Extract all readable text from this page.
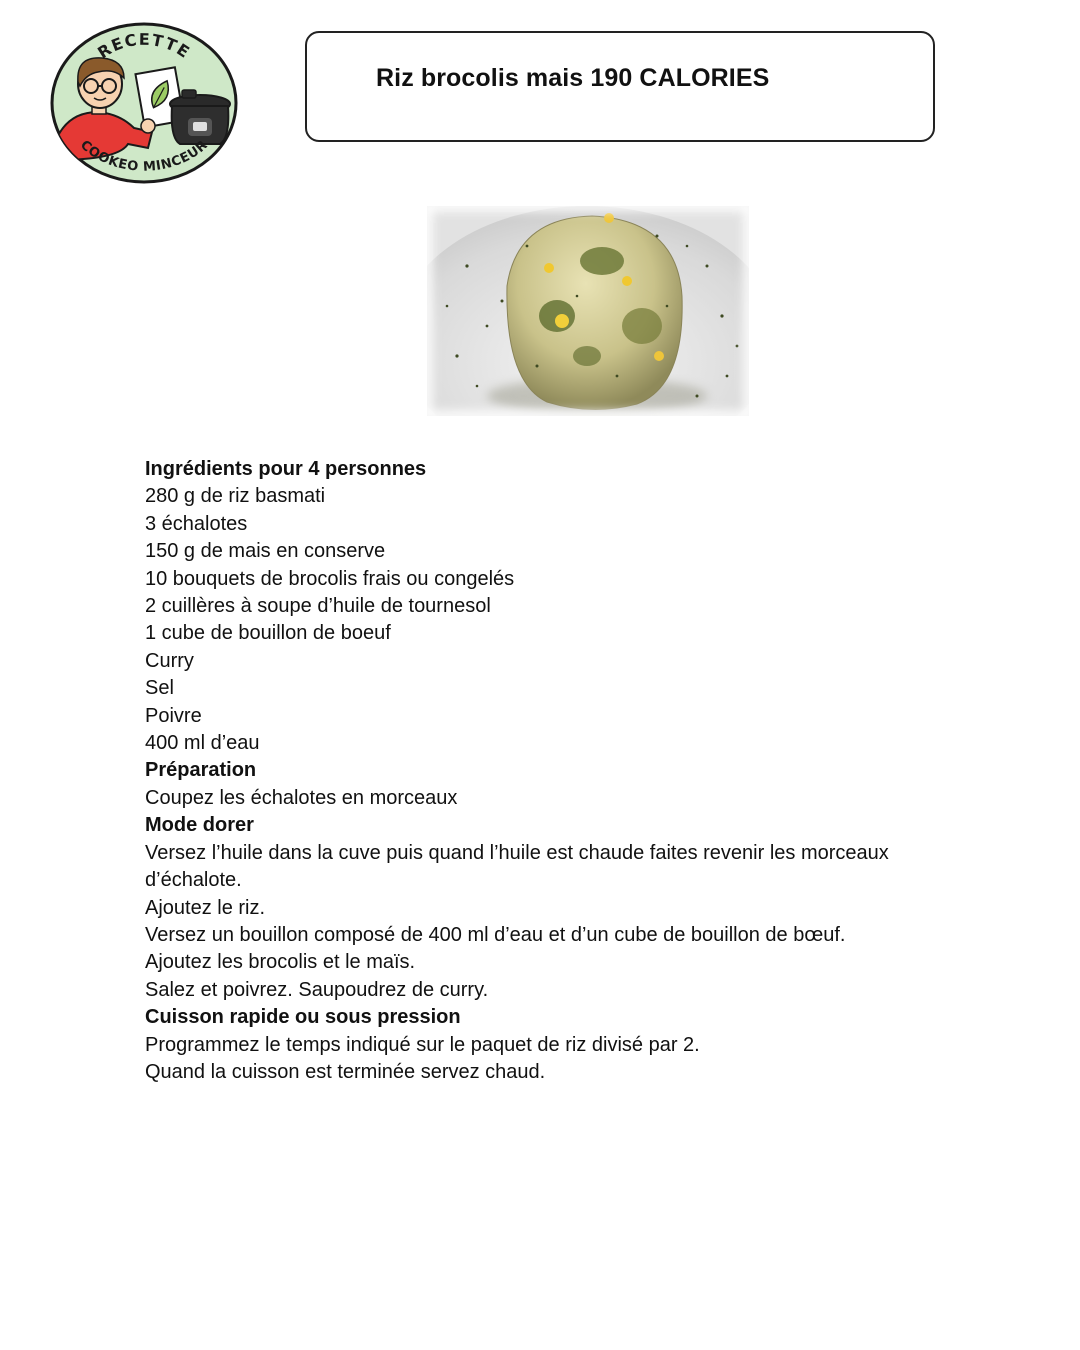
RECETTE
COOKEO MINCEUR
Riz brocolis mais 190 CALORIES

Ingrédients pour 4 personnes

280 g de riz basmati
3 échalotes
150 g de mais en conserve
10 bouquets de brocolis frais ou congelés
2 cuillères à soupe d’huile de tournesol
1 cube de bouillon de boeuf
Curry
Sel
Poivre
400 ml d’eau

Préparation

Coupez les échalotes en morceaux

Mode dorer

Versez l’huile dans la cuve puis quand l’huile est chaude faites revenir les morceaux d’échalote.

Ajoutez le riz.

Versez un bouillon composé de 400 ml d’eau et d’un cube de bouillon de bœuf.

Ajoutez les brocolis et le maïs.

Salez et poivrez. Saupoudrez de curry.

Cuisson rapide ou sous pression

Programmez le temps indiqué sur le paquet de riz divisé par 2.

Quand la cuisson est terminée servez chaud.
